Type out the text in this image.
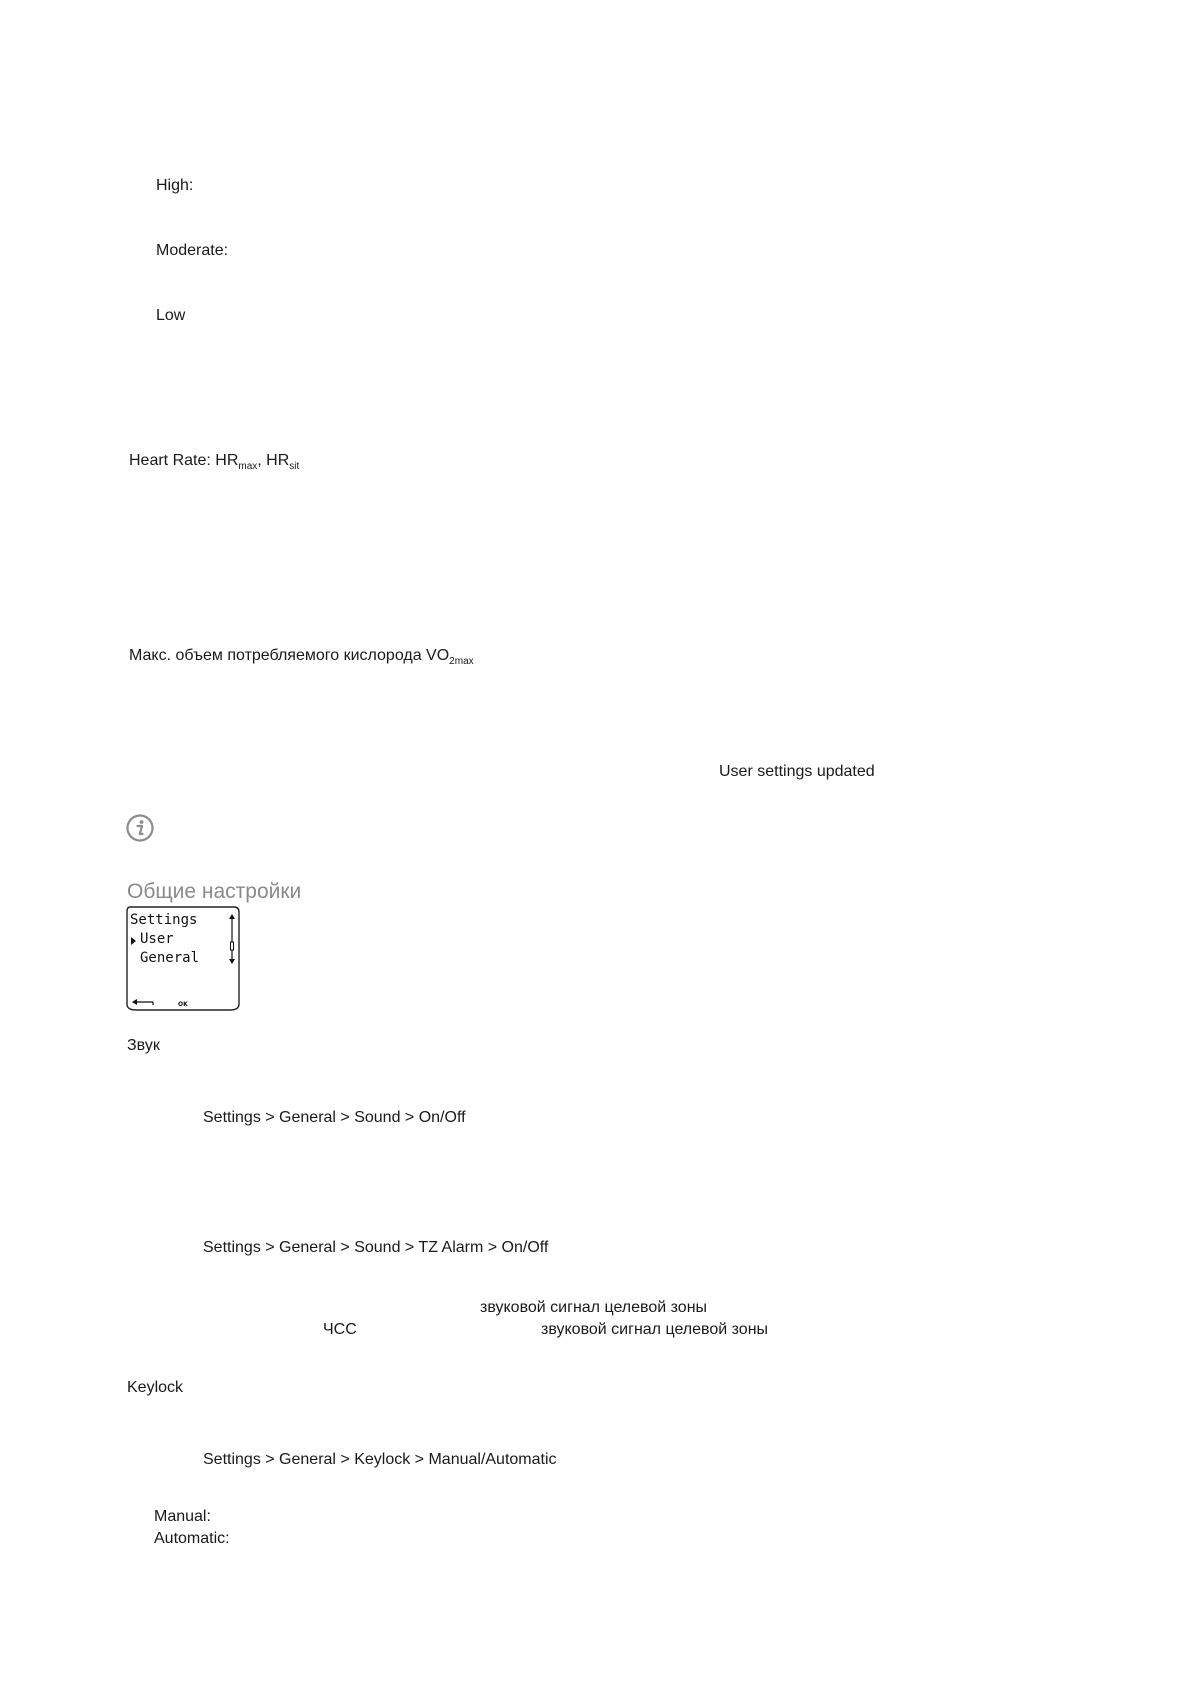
High:
Moderate:
Low
Heart Rate: $HR_{max}$, $HR_{sit}$
Макс. объем потребляемого кислорода $VO_{2max}$
User settings updated
Общие настройки
Settings
User
General
OK
Звук
Settings > General > Sound > On/Off
Settings > General > Sound > TZ Alarm > On/Off
звуковой сигнал целевой зоны
ЧСС	звуковой сигнал целевой зоны
Keylock
Settings > General > Keylock > Manual/Automatic
Manual:
Automatic:
